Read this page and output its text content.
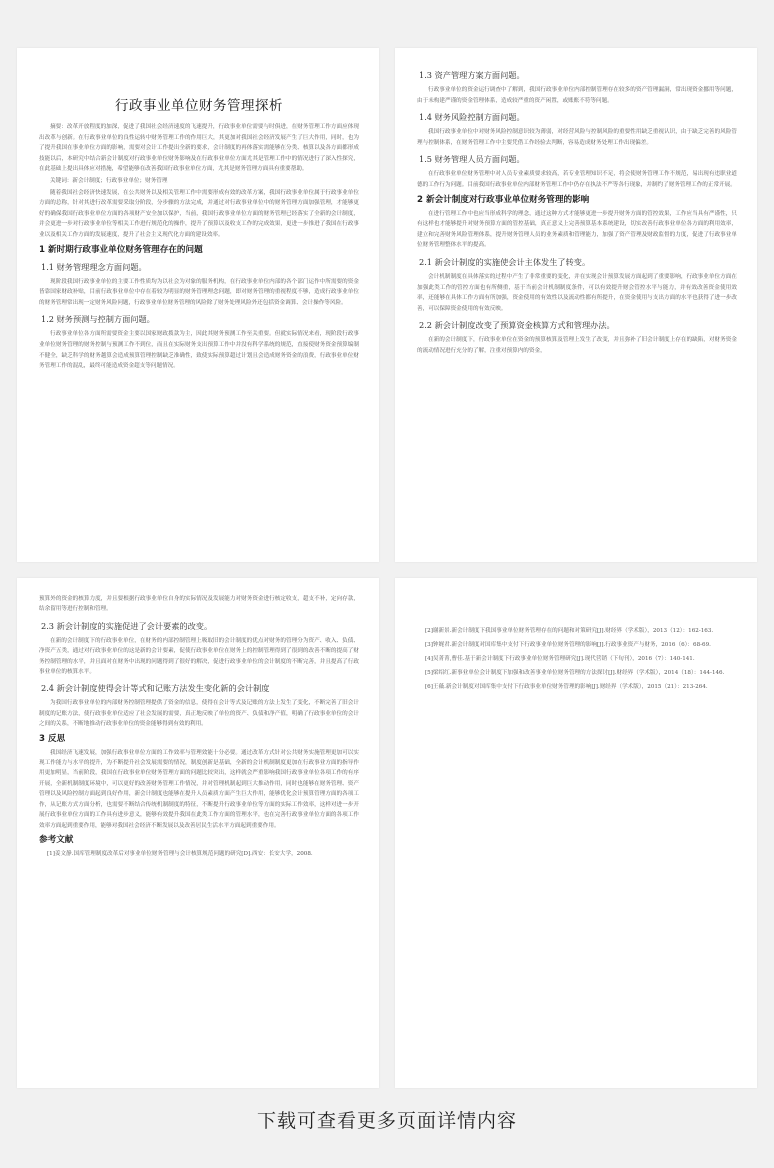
行政事业单位财务管理探析
摘要：改革开放程度的加深，促进了我国社会经济速度的飞速提升，行政事业单位需要与时俱进，在财务管理工作方面应体现出改革与创新。在行政事业单位的良性运转中财务管理工作的作用巨大，其更加对我国社会经济发展产生了巨大作用，同时，也为了提升我国在事业单位方面的影响，需要对会计工作提出全新的要求，会计制度的再体落实需能够在分类、核算以及各方面都形成技能以后，本研究中结合新会计制度对行政事业单位财务影响及在行政事业单位方面尤其是管理工作中的情况进行了深入性探究，在此基础上提出具体应对措施，希望能够在改善我国行政事业单位方面，尤其是财务管理方面具有重要帮助。
关键词：新会计制度；行政事业单位；财务管理
随着我国社会经济快速发展，在公共财务以及相关管理工作中需要形成有效的改革方案，我国行政事业单位属于行政事业单位方面的总称，针对其进行改革需要采取分阶段，分步骤的方法完成，并通过对行政事业单位中的财务管理方面加强管理，才能够更好的确保我国行政事业单位方面的各项财产安全加以保护，当前，我国行政事业单位方面的财务管理已经落实了全新的会计制度，并会更进一步对行政事业单位等相关工作进行规范化的操作，提升了预算以及收支工作的完成效果，更进一步推进了我国在行政事业以及相关工作方面的发展速度，提升了社会主义现代化方面的建设效率。
1 新时期行政事业单位财务管理存在的问题
1.1 财务管理理念方面问题。
现阶段我国行政事业单位的主要工作性质均为以社会为对象的服务机构，在行政事业单位内部的各个部门运作中所需要的资金皆靠国家财政补贴，目前行政事业单位中存在着较为明显的财务管理理念问题，即对财务管理的重视程度不够，造成行政事业单位的财务管理常出现一定财务风险问题，行政事业单位财务管理的风险除了财务处理风险外还包括资金调算、会计操作等风险。
1.2 财务预测与控制方面问题。
行政事业单位各方面所需要资金主要以国家财政拨款为主，因此其财务预测工作至关重要。但就实际情况来看，现阶段行政事业单位财务管理的财务控制与预测工作不到位，而且在实际财务支出预算工作中并没有科学系统的规范，直接使财务资金预算编制不健全，缺乏科学的财务越算会造成预算管理控制缺乏准确性，致使实际预算超过计划且会造成财务资金的浪费，行政事业单位财务管理工作的混乱，最终可能造成资金超支等问题情况。
1.3 资产管理方案方面问题。
行政事业单位的资金运行调查中了解到，我国行政事业单位内部控制管理存在较多的资产管理漏洞，常出现资金挪用等问题，由于未构建严谨的资金管理体系，造成较严重的资产闲置，或账账不符等问题。
1.4 财务风险控制方面问题。
我国行政事业单位中对财务风险控制意识较为薄弱，对经营风险与控制风险的重要性用缺乏重视认识，由于缺乏完善的风险管理与控制体系，在财务管理工作中主要凭借工作经验去判断，容易造成财务处理工作出现偏差。
1.5 财务管理人员方面问题。
在行政事业单位财务管理中对人员专业素质要求较高，若专业管理知识不足，将会使财务管理工作不规范，易出现有违职业道德的工作行为问题。目前我国行政事业单位内部财务管理工作中仍存在执法不严等各行现象，并制约了财务管理工作的正常开展。
2 新会计制度对行政事业单位财务管理的影响
在进行管理工作中也应当形成科学的理念，通过这种方式才能够更进一步提升财务方面的管控效果，工作应当具有严谨性，只有这样也才能够提升对财务预算方面的管控基础，真正意义上完善预算基本系统建设，切实改善行政事业单位各方面的利用效率，建立和完善财务风险管理体系，提升财务管理人员的业务素质和管理能力，加强了资产管理及财政监督的力度，促进了行政事业单位财务管理整体水平的提高。
2.1 新会计制度的实施使会计主体发生了转变。
会计机制制度在具体落实的过程中产生了非常重要的变化，并在实现会计预算发展方面起到了重要影响，行政事业单位方面在加强此类工作的管控方面也有所侧重，基于当前会计机制制度条件，可以有效提升财会管控水平与能力，并有效改善资金使用效率，还能够在具体工作方面有所加强，资金使用的有效性以及流动性都有所提升，在资金使用与支出方面的水平也获得了进一步改善，可以保障资金使用的有效反映。
2.2 新会计制度改变了预算资金核算方式和管理办法。
在新的会计制度下，行政事业单位在资金的预算核算及管理上发生了改变，并且弥补了旧会计制度上存在的缺陷，对财务资金的流动情况进行充分的了解，注重对预算内的资金，
预算外的资金的核算力度，并且要根据行政事业单位自身的实际情况及发展能力对财务资金进行核定收支，超支不补，定向存款，结余留用等进行控制和管理。
2.3 新会计制度的实施促进了会计要素的改变。
在新的会计制度下的行政事业单位，在财务的内部控制管理上吸取旧的会计制度的优点对财务的管理分为资产、收入、负债、净资产五类，通过对行政事业单位的这是新的会计要素，促使行政事业单位在财务上的控制管理得到了很到的改善不断的提高了财务控制管理的水平，并且面对在财务中出现的问题得到了很好的解决，促进行政事业单位的会计制度的不断完善，并且提高了行政事业单位的核算水平。
2.4 新会计制度使得会计等式和记账方法发生变化新的会计制度
为我国行政事业单位的内部财务控制管理提供了资金的信息，使得在会计等式及记账的方法上发生了变化，不断完善了旧会计制度的记账方法，使行政事业单位适应了社会发展的需要，真正地反映了单位的资产、负债和净产值，明确了行政事业单位的会计之间的关系，不断地推动行政事业单位的资金能够得到有效的利用。
3 反思
我国经济飞速发展，加强行政事业单位方面的工作效率与管理效能十分必要。通过改革方式针对公共财务实施管理更加可以实现工作能力与水平的提升，为不断提升社会发展需要的情况，制度创新是基础，全新的会计机制制度更加在行政事业方面的指导作用更加明显，当前阶段，我国在行政事业单位财务管理方面的问题比较突出，这样就会严重影响我国行政事业单位各项工作的有序开展，全新机制制度环境中，可以更好的改善财务管理工作情况，并对管理机制起到巨大推动作用，同时也能够在财务管理、资产管理以及风险控制方面起到良好作用，新会计制度也能够在提升人员素质方面产生巨大作用，能够优化会计预算管理方面的各项工作，从记账方式方面分析，也需要不断结合传统机制制度的特征，不断提升行政事业单位等方面的实际工作效率，这样对进一步开展行政事业单位方面的工作具有进步意义，能够有效提升我国在此类工作方面的管理水平，也在完善行政事业单位方面的各项工作效率方面起到重要作用，能够对我国社会经济不断发展以及改善居民生活水平方面起到重要作用。
参考文献
[1]姜文静.国库管理制度改革后对事业单位财务管理与会计核算规范问题的研究[D].西安：长安大学，2008.
[2]谢新景.新会计制度下我国事业单位财务管理存在的问题和对策研究[J].财经界（学术版），2013（12）：162-163.
[3]钟娓君.新会计制度对国库集中支付下行政事业单位财务管理的影响[J].行政事业资产与财务，2016（6）：68-69.
[4]吴菁菁,曹佳.基于新会计制度下行政事业单位财务管理研究[J].现代营销（下旬刊），2016（7）：140-141.
[5]梁绍红.新事业单位会计制度下加强和改善事业单位财务管理的方法探讨[J].财经界（学术版），2014（18）：144-146.
[6]王薇.新会计制度对国库集中支付下行政事业单位财务管理的影响[J].财经界（学术版），2015（21）：213-264.
下载可查看更多页面详情内容
